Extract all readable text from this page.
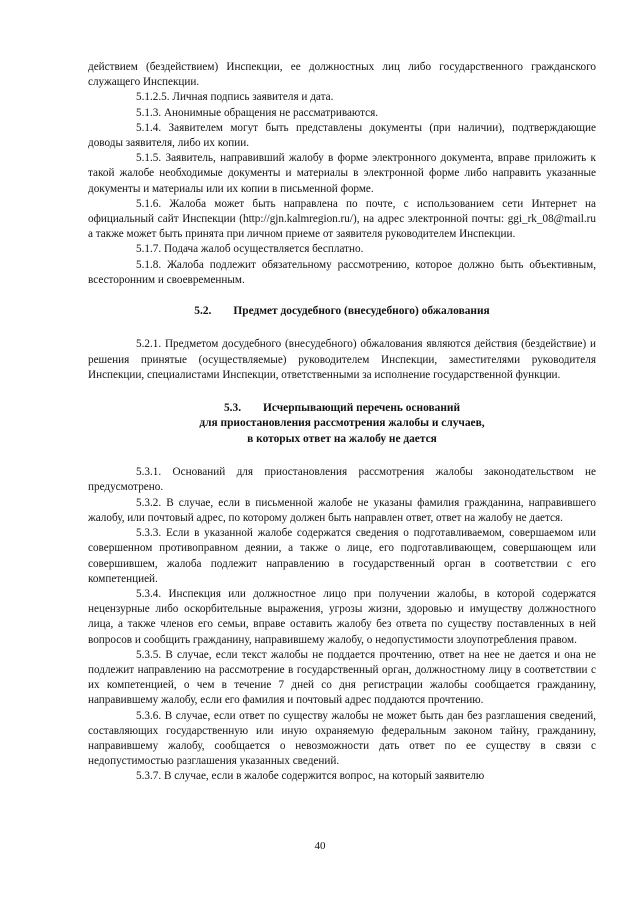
действием (бездействием) Инспекции, ее должностных лиц либо государственного гражданского служащего Инспекции.

5.1.2.5. Личная подпись заявителя и дата.

5.1.3. Анонимные обращения не рассматриваются.

5.1.4. Заявителем могут быть представлены документы (при наличии), подтверждающие доводы заявителя, либо их копии.

5.1.5. Заявитель, направивший жалобу в форме электронного документа, вправе приложить к такой жалобе необходимые документы и материалы в электронной форме либо направить указанные документы и материалы или их копии в письменной форме.

5.1.6. Жалоба может быть направлена по почте, с использованием сети Интернет на официальный сайт Инспекции (http://gjn.kalmregion.ru/), на адрес электронной почты: ggi_rk_08@mail.ru а также может быть принята при личном приеме от заявителя руководителем Инспекции.

5.1.7. Подача жалоб осуществляется бесплатно.

5.1.8. Жалоба подлежит обязательному рассмотрению, которое должно быть объективным, всесторонним и своевременным.

5.2. Предмет досудебного (внесудебного) обжалования

5.2.1. Предметом досудебного (внесудебного) обжалования являются действия (бездействие) и решения принятые (осуществляемые) руководителем Инспекции, заместителями руководителя Инспекции, специалистами Инспекции, ответственными за исполнение государственной функции.

5.3. Исчерпывающий перечень оснований

для приостановления рассмотрения жалобы и случаев,

в которых ответ на жалобу не дается

5.3.1. Оснований для приостановления рассмотрения жалобы законодательством не предусмотрено.

5.3.2. В случае, если в письменной жалобе не указаны фамилия гражданина, направившего жалобу, или почтовый адрес, по которому должен быть направлен ответ, ответ на жалобу не дается.

5.3.3. Если в указанной жалобе содержатся сведения о подготавливаемом, совершаемом или совершенном противоправном деянии, а также о лице, его подготавливающем, совершающем или совершившем, жалоба подлежит направлению в государственный орган в соответствии с его компетенцией.

5.3.4. Инспекция или должностное лицо при получении жалобы, в которой содержатся нецензурные либо оскорбительные выражения, угрозы жизни, здоровью и имуществу должностного лица, а также членов его семьи, вправе оставить жалобу без ответа по существу поставленных в ней вопросов и сообщить гражданину, направившему жалобу, о недопустимости злоупотребления правом.

5.3.5. В случае, если текст жалобы не поддается прочтению, ответ на нее не дается и она не подлежит направлению на рассмотрение в государственный орган, должностному лицу в соответствии с их компетенцией, о чем в течение 7 дней со дня регистрации жалобы сообщается гражданину, направившему жалобу, если его фамилия и почтовый адрес поддаются прочтению.

5.3.6. В случае, если ответ по существу жалобы не может быть дан без разглашения сведений, составляющих государственную или иную охраняемую федеральным законом тайну, гражданину, направившему жалобу, сообщается о невозможности дать ответ по ее существу в связи с недопустимостью разглашения указанных сведений.

5.3.7. В случае, если в жалобе содержится вопрос, на который заявителю

40
